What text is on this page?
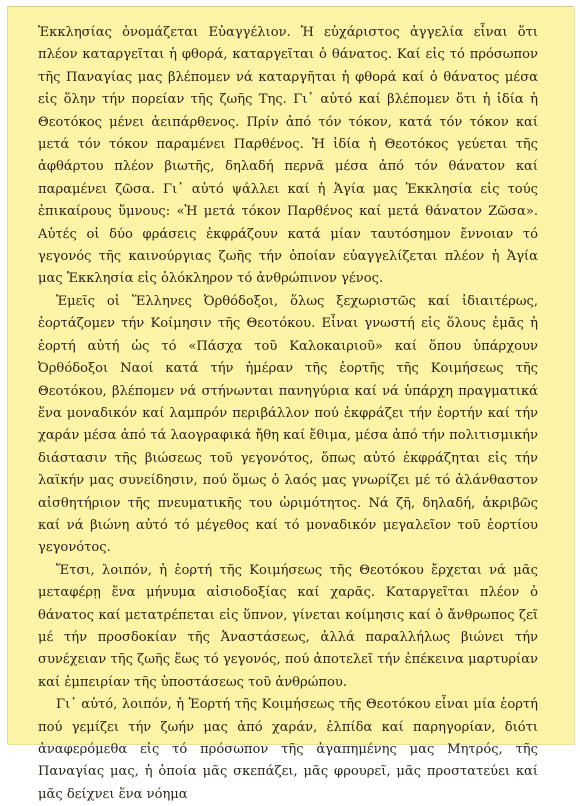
Ἐκκλησίας ὀνομάζεται Εὐαγγέλιον. Ἡ εὐχάριστος ἀγγελία εἶναι ὅτι πλέον καταργεῖται ἡ φθορά, καταργεῖται ὁ θάνατος. Καί εἰς τό πρόσωπον τῆς Παναγίας μας βλέπομεν νά καταργῆται ἡ φθορά καί ὁ θάνατος μέσα εἰς ὅλην τήν πορείαν τῆς ζωῆς Της. Γι᾽ αὐτό καί βλέπομεν ὅτι ἡ ἰδία ἡ Θεοτόκος μένει ἀειπάρθενος. Πρίν ἀπό τόν τόκον, κατά τόν τόκον καί μετά τόν τόκον παραμένει Παρθένος. Ἡ ἰδία ἡ Θεοτόκος γεύεται τῆς ἀφθάρτου πλέον βιωτῆς, δηλαδή περνᾶ μέσα ἀπό τόν θάνατον καί παραμένει ζῶσα. Γι᾽ αὐτό ψάλλει καί ἡ Ἁγία μας Ἐκκλησία εἰς τούς ἐπικαίρους ὕμνους: «Ἡ μετά τόκον Παρθένος καί μετά θάνατον Ζῶσα». Αὐτές οἱ δύο φράσεις ἐκφράζουν κατά μίαν ταυτόσημον ἔννοιαν τό γεγονός τῆς καινούργιας ζωῆς τήν ὁποίαν εὐαγγελίζεται πλέον ἡ Ἁγία μας Ἐκκλησία εἰς ὁλόκληρον τό ἀνθρώπινον γένος.

Ἐμεῖς οἱ Ἕλληνες Ὀρθόδοξοι, ὅλως ξεχωριστῶς καί ἰδιαιτέρως, ἑορτάζομεν τήν Κοίμησιν τῆς Θεοτόκου. Εἶναι γνωστή εἰς ὅλους ἐμᾶς ἡ ἑορτή αὐτή ὡς τό «Πάσχα τοῦ Καλοκαιριοῦ» καί ὅπου ὑπάρχουν Ὀρθόδοξοι Ναοί κατά τήν ἡμέραν τῆς ἑορτῆς τῆς Κοιμήσεως τῆς Θεοτόκου, βλέπομεν νά στήνωνται πανηγύρια καί νά ὑπάρχη πραγματικά ἕνα μοναδικόν καί λαμπρόν περιβάλλον πού ἐκφράζει τήν ἑορτήν καί τήν χαράν μέσα ἀπό τά λαογραφικά ἤθη καί ἔθιμα, μέσα ἀπό τήν πολιτισμικήν διάστασιν τῆς βιώσεως τοῦ γεγονότος, ὅπως αὐτό ἐκφράζηται εἰς τήν λαϊκήν μας συνείδησιν, πού ὅμως ὁ λαός μας γνωρίζει μέ τό ἀλάνθαστον αἰσθητήριον τῆς πνευματικῆς του ὡριμότητος. Νά ζῆ, δηλαδή, ἀκριβῶς καί νά βιώνη αὐτό τό μέγεθος καί τό μοναδικόν μεγαλεῖον τοῦ ἑορτίου γεγονότος.

Ἔτσι, λοιπόν, ἡ ἑορτή τῆς Κοιμήσεως τῆς Θεοτόκου ἔρχεται νά μᾶς μεταφέρῃ ἕνα μήνυμα αἰσιοδοξίας καί χαρᾶς. Καταργεῖται πλέον ὁ θάνατος καί μετατρέπεται εἰς ὕπνον, γίνεται κοίμησις καί ὁ ἄνθρωπος ζεῖ μέ τήν προσδοκίαν τῆς Ἀναστάσεως, ἀλλά παραλλήλως βιώνει τήν συνέχειαν τῆς ζωῆς ἕως τό γεγονός, πού ἀποτελεῖ τήν ἐπέκεινα μαρτυρίαν καί ἐμπειρίαν τῆς ὑποστάσεως τοῦ ἀνθρώπου.

Γι᾽ αὐτό, λοιπόν, ἡ Ἑορτή τῆς Κοιμήσεως τῆς Θεοτόκου εἶναι μία ἑορτή πού γεμίζει τήν ζωήν μας ἀπό χαράν, ἐλπίδα καί παρηγορίαν, διότι ἀναφερόμεθα εἰς τό πρόσωπον τῆς ἀγαπημένης μας Μητρός, τῆς Παναγίας μας, ἡ ὁποία μᾶς σκεπάζει, μᾶς φρουρεῖ, μᾶς προστατεύει καί μᾶς δείχνει ἕνα νόημα
